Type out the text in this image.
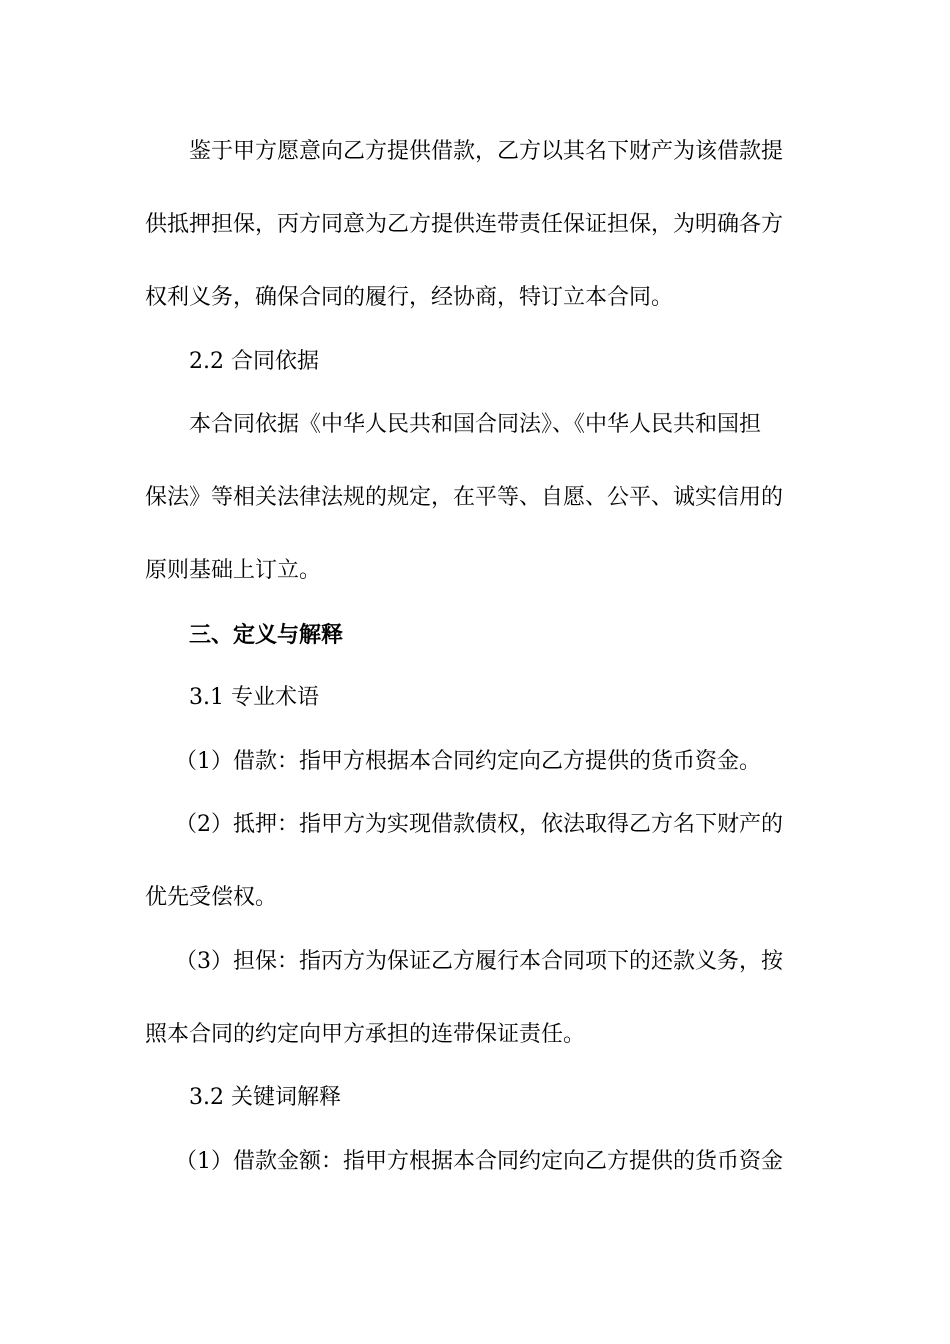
鉴于甲方愿意向乙方提供借款，乙方以其名下财产为该借款提
供抵押担保，丙方同意为乙方提供连带责任保证担保，为明确各方
权利义务，确保合同的履行，经协商，特订立本合同。
2.2 合同依据
本合同依据《中华人民共和国合同法》、《中华人民共和国担
保法》等相关法律法规的规定，在平等、自愿、公平、诚实信用的
原则基础上订立。
三、定义与解释
3.1 专业术语
（1）借款：指甲方根据本合同约定向乙方提供的货币资金。
（2）抵押：指甲方为实现借款债权，依法取得乙方名下财产的
优先受偿权。
（3）担保：指丙方为保证乙方履行本合同项下的还款义务，按
照本合同的约定向甲方承担的连带保证责任。
3.2 关键词解释
（1）借款金额：指甲方根据本合同约定向乙方提供的货币资金
